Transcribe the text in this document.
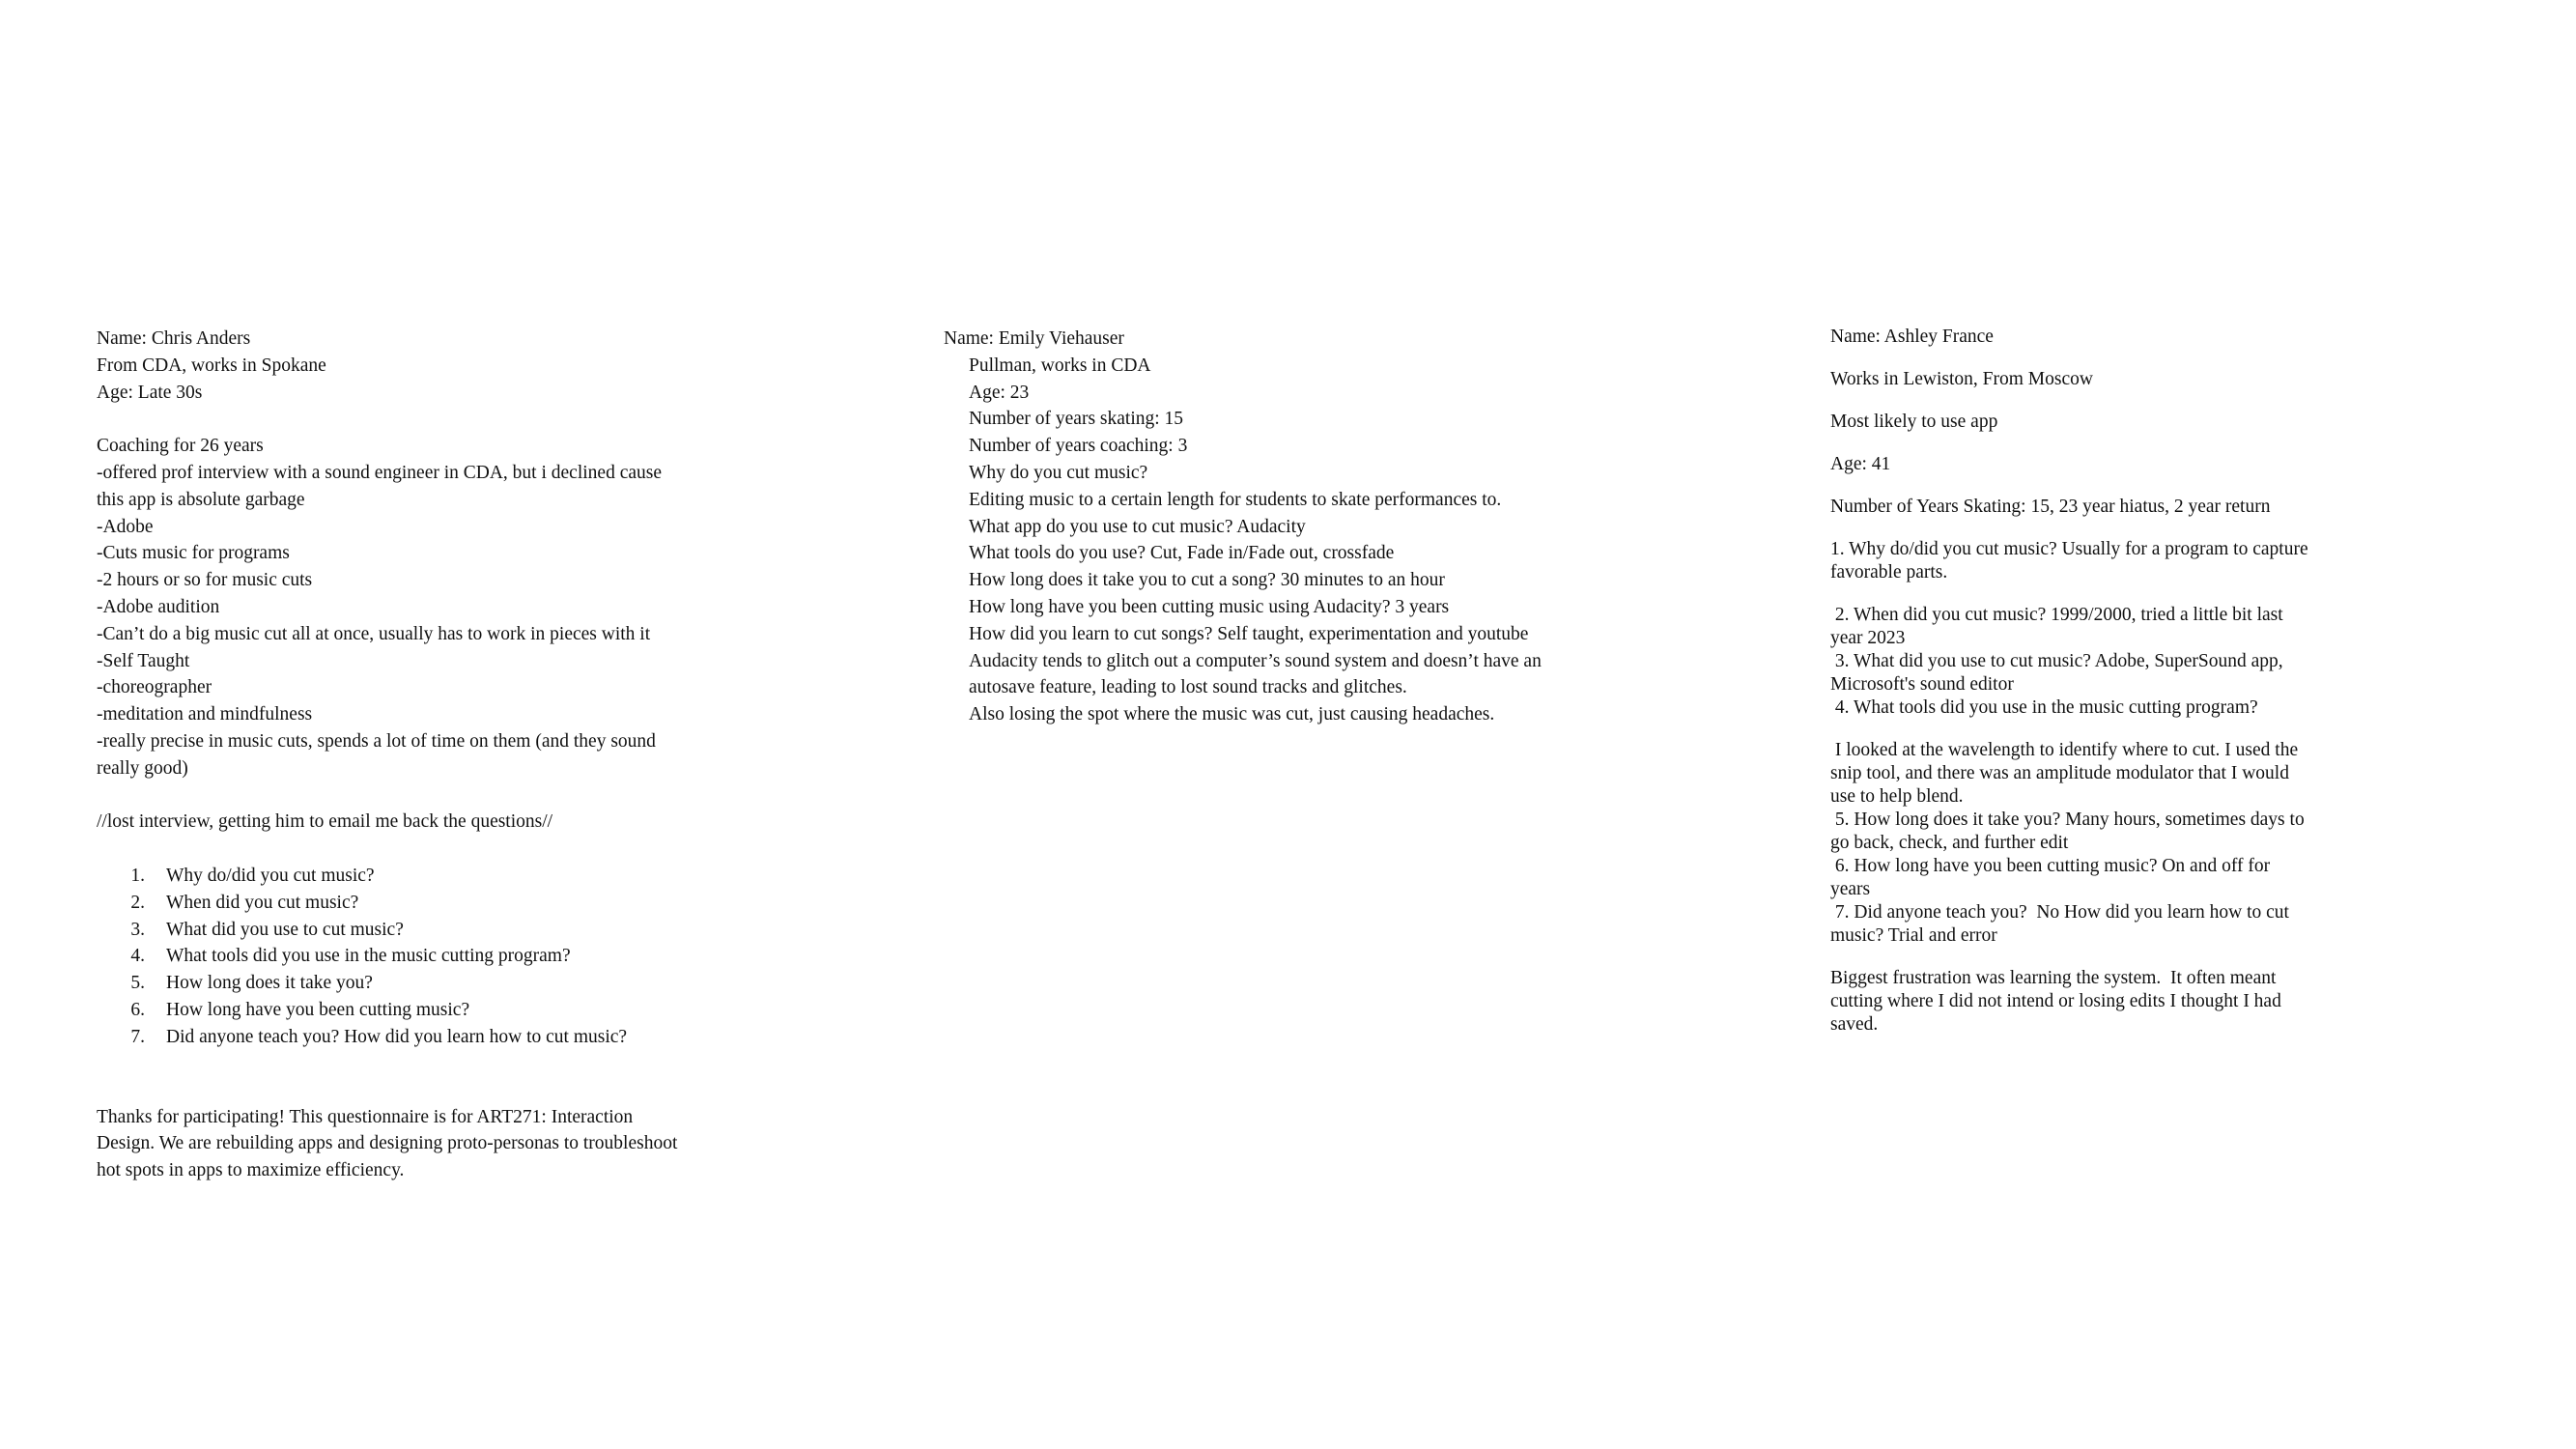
Name: Chris Anders
From CDA, works in Spokane
Age: Late 30s
Coaching for 26 years
-offered prof interview with a sound engineer in CDA, but i declined cause
this app is absolute garbage
-Adobe
-Cuts music for programs
-2 hours or so for music cuts
-Adobe audition
-Can’t do a big music cut all at once, usually has to work in pieces with it
-Self Taught
-choreographer
-meditation and mindfulness
-really precise in music cuts, spends a lot of time on them (and they sound
really good)
//lost interview, getting him to email me back the questions//
1.	Why do/did you cut music?
2.	When did you cut music?
3.	What did you use to cut music?
4.	What tools did you use in the music cutting program?
5.	How long does it take you?
6.	How long have you been cutting music?
7.	Did anyone teach you? How did you learn how to cut music?
Thanks for participating! This questionnaire is for ART271: Interaction
Design. We are rebuilding apps and designing proto-personas to troubleshoot
hot spots in apps to maximize efficiency.
Name: Emily Viehauser
Pullman, works in CDA
Age: 23
Number of years skating: 15
Number of years coaching: 3
Why do you cut music?
Editing music to a certain length for students to skate performances to.
What app do you use to cut music? Audacity
What tools do you use? Cut, Fade in/Fade out, crossfade
How long does it take you to cut a song? 30 minutes to an hour
How long have you been cutting music using Audacity? 3 years
How did you learn to cut songs? Self taught, experimentation and youtube
Audacity tends to glitch out a computer’s sound system and doesn’t have an
autosave feature, leading to lost sound tracks and glitches.
Also losing the spot where the music was cut, just causing headaches.
Name: Ashley France
Works in Lewiston, From Moscow
Most likely to use app
Age: 41
Number of Years Skating: 15, 23 year hiatus, 2 year return
1. Why do/did you cut music? Usually for a program to capture
favorable parts.
2. When did you cut music? 1999/2000, tried a little bit last
year 2023
3. What did you use to cut music? Adobe, SuperSound app,
Microsoft's sound editor
4. What tools did you use in the music cutting program?
I looked at the wavelength to identify where to cut. I used the
snip tool, and there was an amplitude modulator that I would
use to help blend.
5. How long does it take you? Many hours, sometimes days to
go back, check, and further edit
6. How long have you been cutting music? On and off for
years
7. Did anyone teach you?  No How did you learn how to cut
music? Trial and error
Biggest frustration was learning the system.  It often meant
cutting where I did not intend or losing edits I thought I had
saved.
